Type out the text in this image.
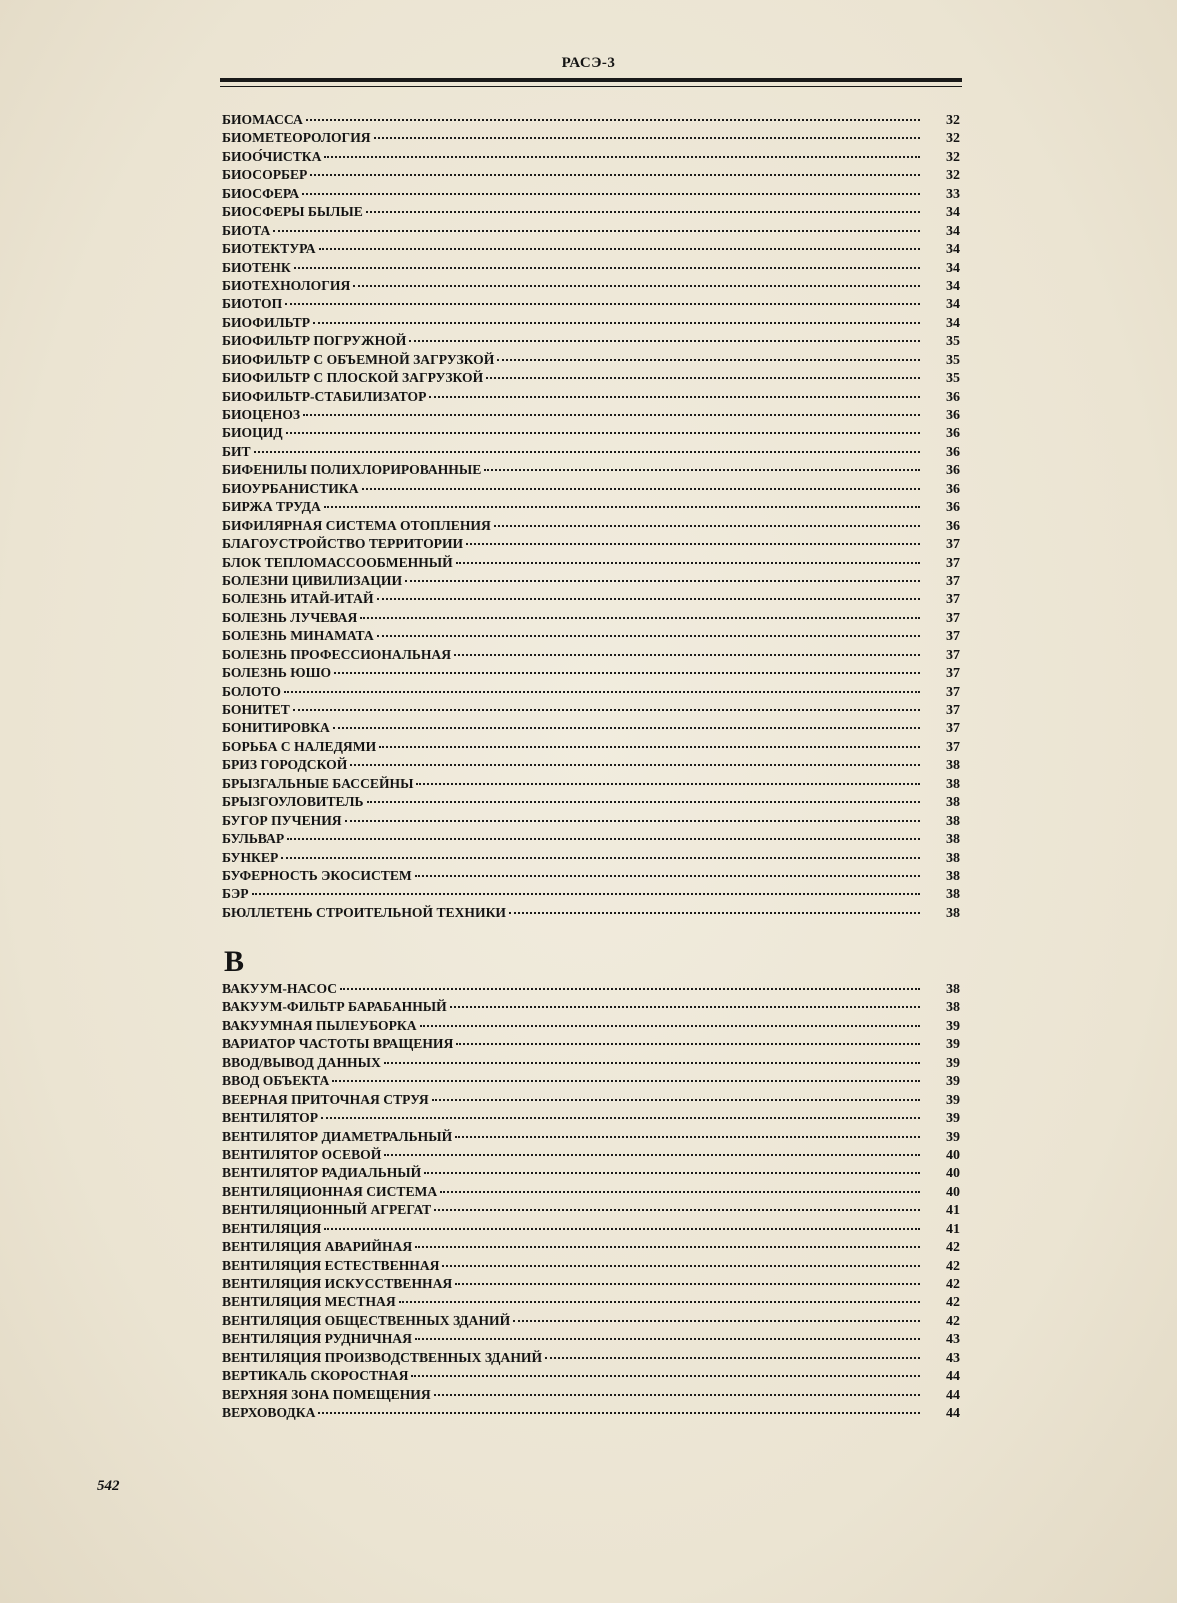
РАСЭ-3
БИОМАССА	32
БИОМЕТЕОРОЛОГИЯ	32
БИОО́ЧИСТКА	32
БИОСОРБЕР	32
БИОСФЕРА	33
БИОСФЕРЫ БЫЛЫЕ	34
БИОТА	34
БИОТЕКТУРА	34
БИОТЕНК	34
БИОТЕХНОЛОГИЯ	34
БИОТОП	34
БИОФИЛЬТР	34
БИОФИЛЬТР ПОГРУЖНОЙ	35
БИОФИЛЬТР С ОБЪЕМНОЙ ЗАГРУЗКОЙ	35
БИОФИЛЬТР С ПЛОСКОЙ ЗАГРУЗКОЙ	35
БИОФИЛЬТР-СТАБИЛИЗАТОР	36
БИОЦЕНОЗ	36
БИОЦИД	36
БИТ	36
БИФЕНИЛЫ ПОЛИХЛОРИРОВАННЫЕ	36
БИОУРБАНИСТИКА	36
БИРЖА ТРУДА	36
БИФИЛЯРНАЯ СИСТЕМА ОТОПЛЕНИЯ	36
БЛАГОУСТРОЙСТВО ТЕРРИТОРИИ	37
БЛОК ТЕПЛОМАССООБМЕННЫЙ	37
БОЛЕЗНИ ЦИВИЛИЗАЦИИ	37
БОЛЕЗНЬ ИТАЙ-ИТАЙ	37
БОЛЕЗНЬ ЛУЧЕВАЯ	37
БОЛЕЗНЬ МИНАМАТА	37
БОЛЕЗНЬ ПРОФЕССИОНАЛЬНАЯ	37
БОЛЕЗНЬ ЮШО	37
БОЛОТО	37
БОНИТЕТ	37
БОНИТИРОВКА	37
БОРЬБА С НАЛЕДЯМИ	37
БРИЗ ГОРОДСКОЙ	38
БРЫЗГАЛЬНЫЕ БАССЕЙНЫ	38
БРЫЗГОУЛОВИТЕЛЬ	38
БУГОР ПУЧЕНИЯ	38
БУЛЬВАР	38
БУНКЕР	38
БУФЕРНОСТЬ ЭКОСИСТЕМ	38
БЭР	38
БЮЛЛЕТЕНЬ СТРОИТЕЛЬНОЙ ТЕХНИКИ	38
В
ВАКУУМ-НАСОС	38
ВАКУУМ-ФИЛЬТР БАРАБАННЫЙ	38
ВАКУУМНАЯ ПЫЛЕУБОРКА	39
ВАРИАТОР ЧАСТОТЫ ВРАЩЕНИЯ	39
ВВОД/ВЫВОД ДАННЫХ	39
ВВОД ОБЪЕКТА	39
ВЕЕРНАЯ ПРИТОЧНАЯ СТРУЯ	39
ВЕНТИЛЯТОР	39
ВЕНТИЛЯТОР ДИАМЕТРАЛЬНЫЙ	39
ВЕНТИЛЯТОР ОСЕВОЙ	40
ВЕНТИЛЯТОР РАДИАЛЬНЫЙ	40
ВЕНТИЛЯЦИОННАЯ СИСТЕМА	40
ВЕНТИЛЯЦИОННЫЙ АГРЕГАТ	41
ВЕНТИЛЯЦИЯ	41
ВЕНТИЛЯЦИЯ АВАРИЙНАЯ	42
ВЕНТИЛЯЦИЯ ЕСТЕСТВЕННАЯ	42
ВЕНТИЛЯЦИЯ ИСКУССТВЕННАЯ	42
ВЕНТИЛЯЦИЯ МЕСТНАЯ	42
ВЕНТИЛЯЦИЯ ОБЩЕСТВЕННЫХ ЗДАНИЙ	42
ВЕНТИЛЯЦИЯ РУДНИЧНАЯ	43
ВЕНТИЛЯЦИЯ ПРОИЗВОДСТВЕННЫХ ЗДАНИЙ	43
ВЕРТИКАЛЬ СКОРОСТНАЯ	44
ВЕРХНЯЯ ЗОНА ПОМЕЩЕНИЯ	44
ВЕРХОВОДКА	44
542
